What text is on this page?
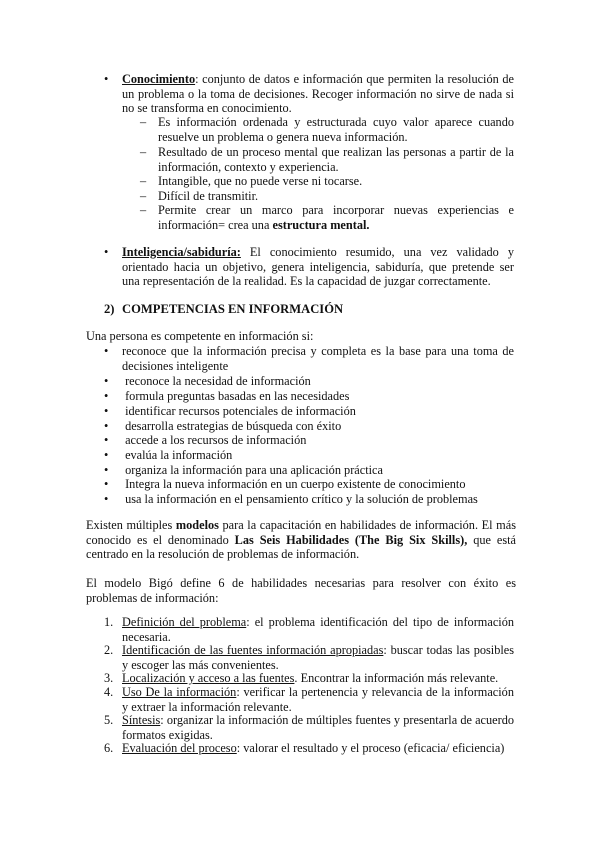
• Conocimiento: conjunto de datos e información que permiten la resolución de un problema o la toma de decisiones. Recoger información no sirve de nada si no se transforma en conocimiento.
– Es información ordenada y estructurada cuyo valor aparece cuando resuelve un problema o genera nueva información.
– Resultado de un proceso mental que realizan las personas a partir de la información, contexto y experiencia.
– Intangible, que no puede verse ni tocarse.
– Difícil de transmitir.
– Permite crear un marco para incorporar nuevas experiencias e información= crea una estructura mental.
• Inteligencia/sabiduría: El conocimiento resumido, una vez validado y orientado hacia un objetivo, genera inteligencia, sabiduría, que pretende ser una representación de la realidad. Es la capacidad de juzgar correctamente.
2) COMPETENCIAS EN INFORMACIÓN
Una persona es competente en información si:
• reconoce que la información precisa y completa es la base para una toma de decisiones inteligente
• reconoce la necesidad de información
• formula preguntas basadas en las necesidades
• identificar recursos potenciales de información
• desarrolla estrategias de búsqueda con éxito
• accede a los recursos de información
• evalúa la información
• organiza la información para una aplicación práctica
• Integra la nueva información en un cuerpo existente de conocimiento
• usa la información en el pensamiento crítico y la solución de problemas
Existen múltiples modelos para la capacitación en habilidades de información. El más conocido es el denominado Las Seis Habilidades (The Big Six Skills), que está centrado en la resolución de problemas de información.
El modelo Bigó define 6 de habilidades necesarias para resolver con éxito es problemas de información:
1. Definición del problema: el problema identificación del tipo de información necesaria.
2. Identificación de las fuentes información apropiadas: buscar todas las posibles y escoger las más convenientes.
3. Localización y acceso a las fuentes. Encontrar la información más relevante.
4. Uso De la información: verificar la pertenencia y relevancia de la información y extraer la información relevante.
5. Síntesis: organizar la información de múltiples fuentes y presentarla de acuerdo formatos exigidas.
6. Evaluación del proceso: valorar el resultado y el proceso (eficacia/ eficiencia)
